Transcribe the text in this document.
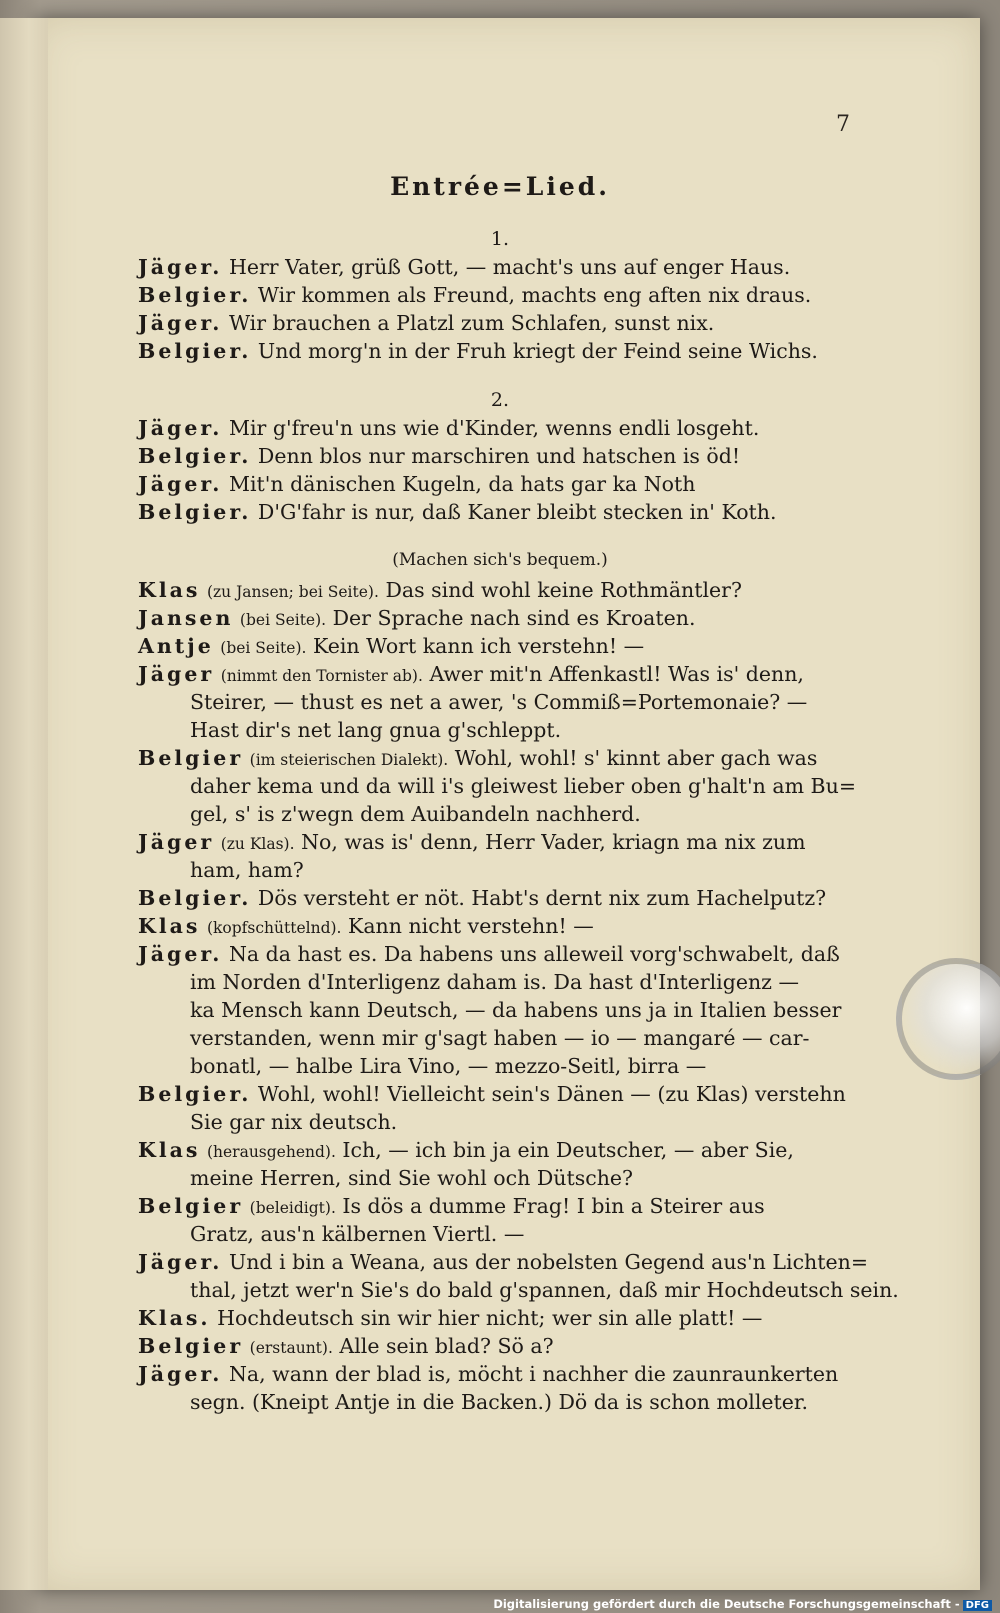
7
Entrée=Lied.
1.
Jäger. Herr Vater, grüß Gott, — macht's uns auf enger Haus.
Belgier. Wir kommen als Freund, machts eng aften nix draus.
Jäger. Wir brauchen a Platzl zum Schlafen, sunst nix.
Belgier. Und morg'n in der Fruh kriegt der Feind seine Wichs.
2.
Jäger. Mir g'freu'n uns wie d'Kinder, wenns endli losgeht.
Belgier. Denn blos nur marschiren und hatschen is öd!
Jäger. Mit'n dänischen Kugeln, da hats gar ka Noth
Belgier. D'G'fahr is nur, daß Kaner bleibt stecken in' Koth.
(Machen sich's bequem.)
Klas (zu Jansen; bei Seite). Das sind wohl keine Rothmäntler?
Jansen (bei Seite). Der Sprache nach sind es Kroaten.
Antje (bei Seite). Kein Wort kann ich verstehn! —
Jäger (nimmt den Tornister ab). Awer mit'n Affenkastl! Was is' denn,
Steirer, — thust es net a awer, 's Commiß=Portemonaie? —
Hast dir's net lang gnua g'schleppt.
Belgier (im steierischen Dialekt). Wohl, wohl! s' kinnt aber gach was
daher kema und da will i's gleiwest lieber oben g'halt'n am Bu=
gel, s' is z'wegn dem Auibandeln nachherd.
Jäger (zu Klas). No, was is' denn, Herr Vader, kriagn ma nix zum
ham, ham?
Belgier. Dös versteht er nöt. Habt's dernt nix zum Hachelputz?
Klas (kopfschüttelnd). Kann nicht verstehn! —
Jäger. Na da hast es. Da habens uns alleweil vorg'schwabelt, daß
im Norden d'Interligenz daham is. Da hast d'Interligenz —
ka Mensch kann Deutsch, — da habens uns ja in Italien besser
verstanden, wenn mir g'sagt haben — io — mangaré — car-
bonatl, — halbe Lira Vino, — mezzo-Seitl, birra —
Belgier. Wohl, wohl! Vielleicht sein's Dänen — (zu Klas) verstehn
Sie gar nix deutsch.
Klas (herausgehend). Ich, — ich bin ja ein Deutscher, — aber Sie,
meine Herren, sind Sie wohl och Dütsche?
Belgier (beleidigt). Is dös a dumme Frag! I bin a Steirer aus
Gratz, aus'n kälbernen Viertl. —
Jäger. Und i bin a Weana, aus der nobelsten Gegend aus'n Lichten=
thal, jetzt wer'n Sie's do bald g'spannen, daß mir Hochdeutsch sein.
Klas. Hochdeutsch sin wir hier nicht; wer sin alle platt! —
Belgier (erstaunt). Alle sein blad? Sö a?
Jäger. Na, wann der blad is, möcht i nachher die zaunraunkerten
segn. (Kneipt Antje in die Backen.) Dö da is schon molleter.
Digitalisierung gefördert durch die Deutsche Forschungsgemeinschaft - DFG
